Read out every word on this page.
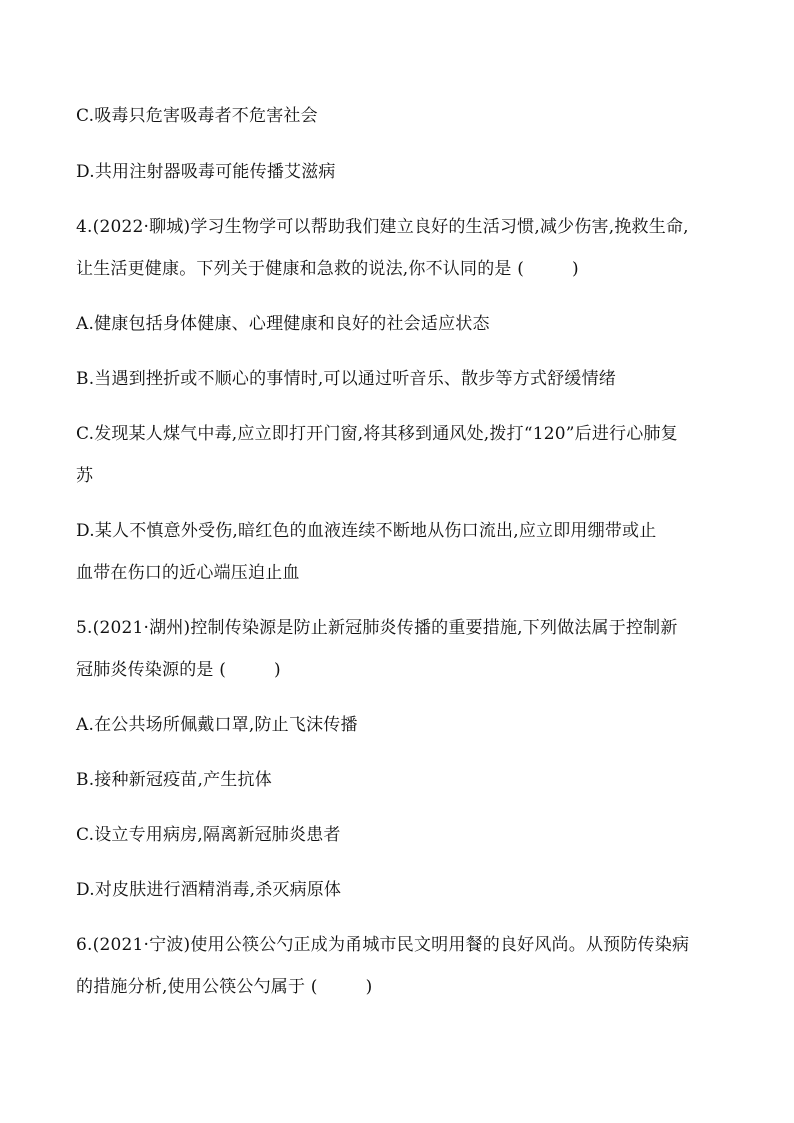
C.吸毒只危害吸毒者不危害社会
D.共用注射器吸毒可能传播艾滋病
4.(2022·聊城)学习生物学可以帮助我们建立良好的生活习惯,减少伤害,挽救生命,
让生活更健康。下列关于健康和急救的说法,你不认同的是 (	)
A.健康包括身体健康、心理健康和良好的社会适应状态
B.当遇到挫折或不顺心的事情时,可以通过听音乐、散步等方式舒缓情绪
C.发现某人煤气中毒,应立即打开门窗,将其移到通风处,拨打“120”后进行心肺复
苏
D.某人不慎意外受伤,暗红色的血液连续不断地从伤口流出,应立即用绷带或止
血带在伤口的近心端压迫止血
5.(2021·湖州)控制传染源是防止新冠肺炎传播的重要措施,下列做法属于控制新
冠肺炎传染源的是 (	)
A.在公共场所佩戴口罩,防止飞沫传播
B.接种新冠疫苗,产生抗体
C.设立专用病房,隔离新冠肺炎患者
D.对皮肤进行酒精消毒,杀灭病原体
6.(2021·宁波)使用公筷公勺正成为甬城市民文明用餐的良好风尚。从预防传染病
的措施分析,使用公筷公勺属于 (	)
